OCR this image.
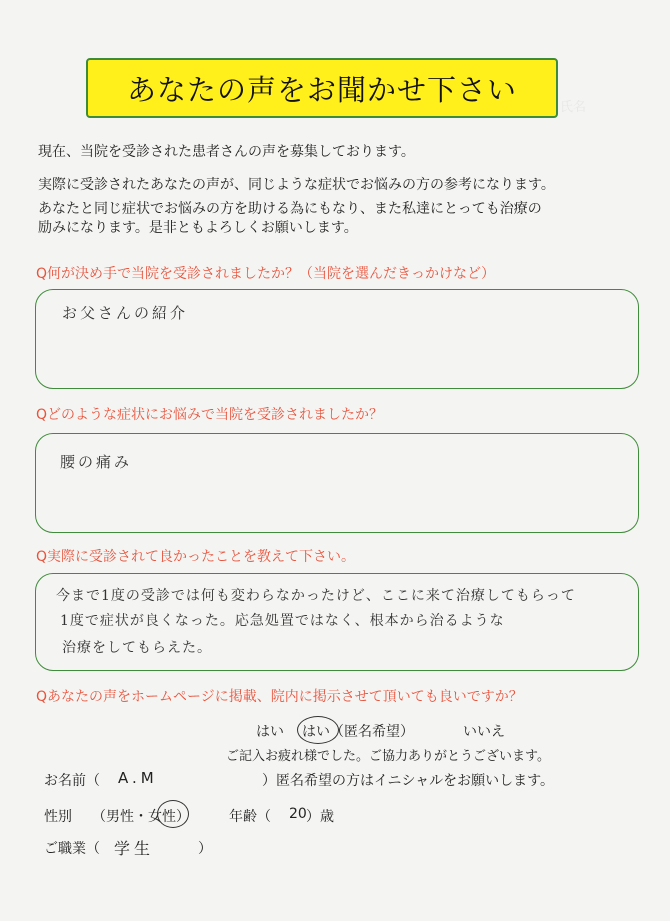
氏名

あなたの声をお聞かせ下さい
現在、当院を受診された患者さんの声を募集しております。
実際に受診されたあなたの声が、同じような症状でお悩みの方の参考になります。
あなたと同じ症状でお悩みの方を助ける為にもなり、また私達にとっても治療の
励みになります。是非ともよろしくお願いします。
Q何が決め手で当院を受診されましたか？（当院を選んだきっかけなど）
お父さんの紹介
Qどのような症状にお悩みで当院を受診されましたか？
腰の痛み
Q実際に受診されて良かったことを教えて下さい。
今まで1度の受診では何も変わらなかったけど、ここに来て治療してもらって
1度で症状が良くなった。応急処置ではなく、根本から治るような
治療をしてもらえた。
Qあなたの声をホームページに掲載、院内に掲示させて頂いても良いですか？
はい はい（匿名希望）	いいえ
ご記入お疲れ様でした。ご協力ありがとうございます。
お名前（ A.M	）匿名希望の方はイニシャルをお願いします。
性別 （男性・女性）	年齢（ 20 ）歳
ご職業（ 学生	）
